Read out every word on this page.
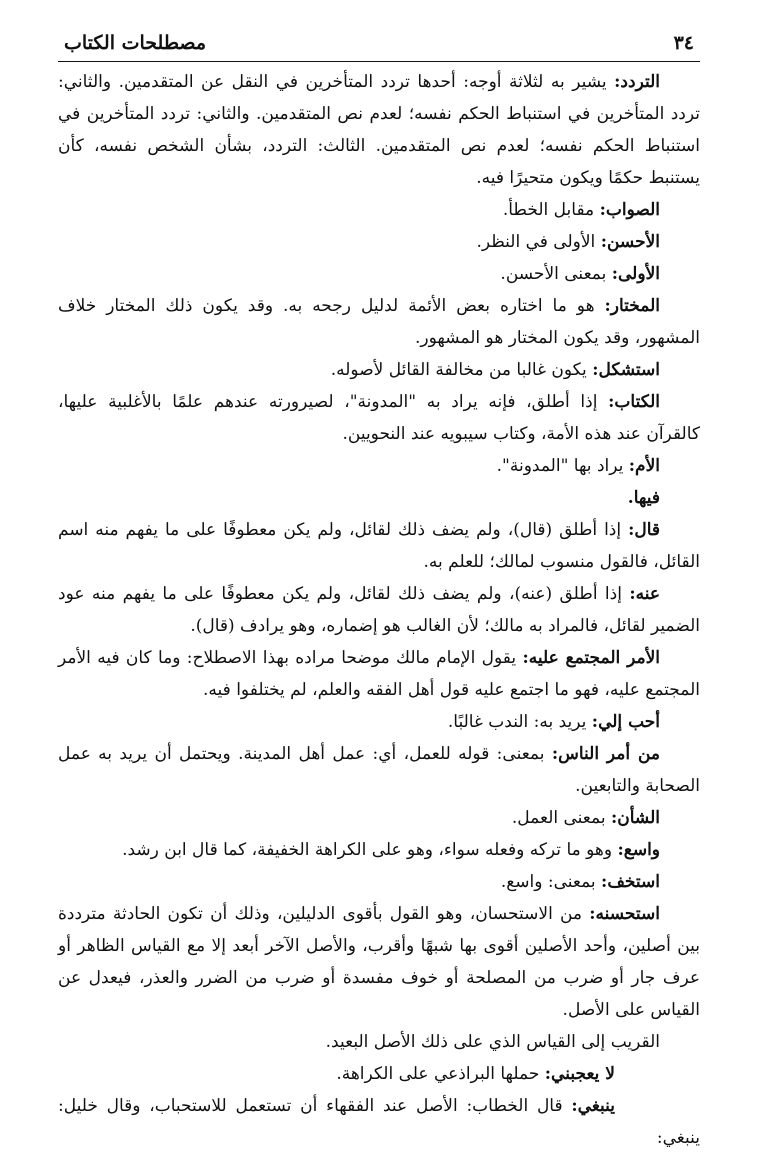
٣٤
مصطلحات الكتاب

التردد: يشير به لثلاثة أوجه: أحدها تردد المتأخرين في النقل عن المتقدمين. والثاني: تردد المتأخرين في استنباط الحكم نفسه؛ لعدم نص المتقدمين. والثاني: تردد المتأخرين في استنباط الحكم نفسه؛ لعدم نص المتقدمين. الثالث: التردد، بشأن الشخص نفسه، كأن يستنبط حكمًا ويكون متحيرًا فيه.

الصواب: مقابل الخطأ.

الأحسن: الأولى في النظر.

الأولى: بمعنى الأحسن.

المختار: هو ما اختاره بعض الأئمة لدليل رجحه به. وقد يكون ذلك المختار خلاف المشهور، وقد يكون المختار هو المشهور.

استشكل: يكون غالبا من مخالفة القائل لأصوله.

الكتاب: إذا أطلق، فإنه يراد به "المدونة"، لصيرورته عندهم علمًا بالأغلبية عليها، كالقرآن عند هذه الأمة، وكتاب سيبويه عند النحويين.

الأم: يراد بها "المدونة".

فيها.

قال: إذا أطلق (قال)، ولم يضف ذلك لقائل، ولم يكن معطوفًا على ما يفهم منه اسم القائل، فالقول منسوب لمالك؛ للعلم به.

عنه: إذا أطلق (عنه)، ولم يضف ذلك لقائل، ولم يكن معطوفًا على ما يفهم منه عود الضمير لقائل، فالمراد به مالك؛ لأن الغالب هو إضماره، وهو يرادف (قال).

الأمر المجتمع عليه: يقول الإمام مالك موضحا مراده بهذا الاصطلاح: وما كان فيه الأمر المجتمع عليه، فهو ما اجتمع عليه قول أهل الفقه والعلم، لم يختلفوا فيه.

أحب إلي: يريد به: الندب غالبًا.

من أمر الناس: بمعنى: قوله للعمل، أي: عمل أهل المدينة. ويحتمل أن يريد به عمل الصحابة والتابعين.

الشأن: بمعنى العمل.

واسع: وهو ما تركه وفعله سواء، وهو على الكراهة الخفيفة، كما قال ابن رشد.

استخف: بمعنى: واسع.

استحسنه: من الاستحسان، وهو القول بأقوى الدليلين، وذلك أن تكون الحادثة مترددة بين أصلين، وأحد الأصلين أقوى بها شبهًا وأقرب، والأصل الآخر أبعد إلا مع القياس الظاهر أو عرف جار أو ضرب من المصلحة أو خوف مفسدة أو ضرب من الضرر والعذر، فيعدل عن القياس على الأصل.

القريب إلى القياس الذي على ذلك الأصل البعيد.

لا يعجبني: حملها البراذعي على الكراهة.

ينبغي: قال الخطاب: الأصل عند الفقهاء أن تستعمل للاستحباب، وقال خليل: ينبغي:
